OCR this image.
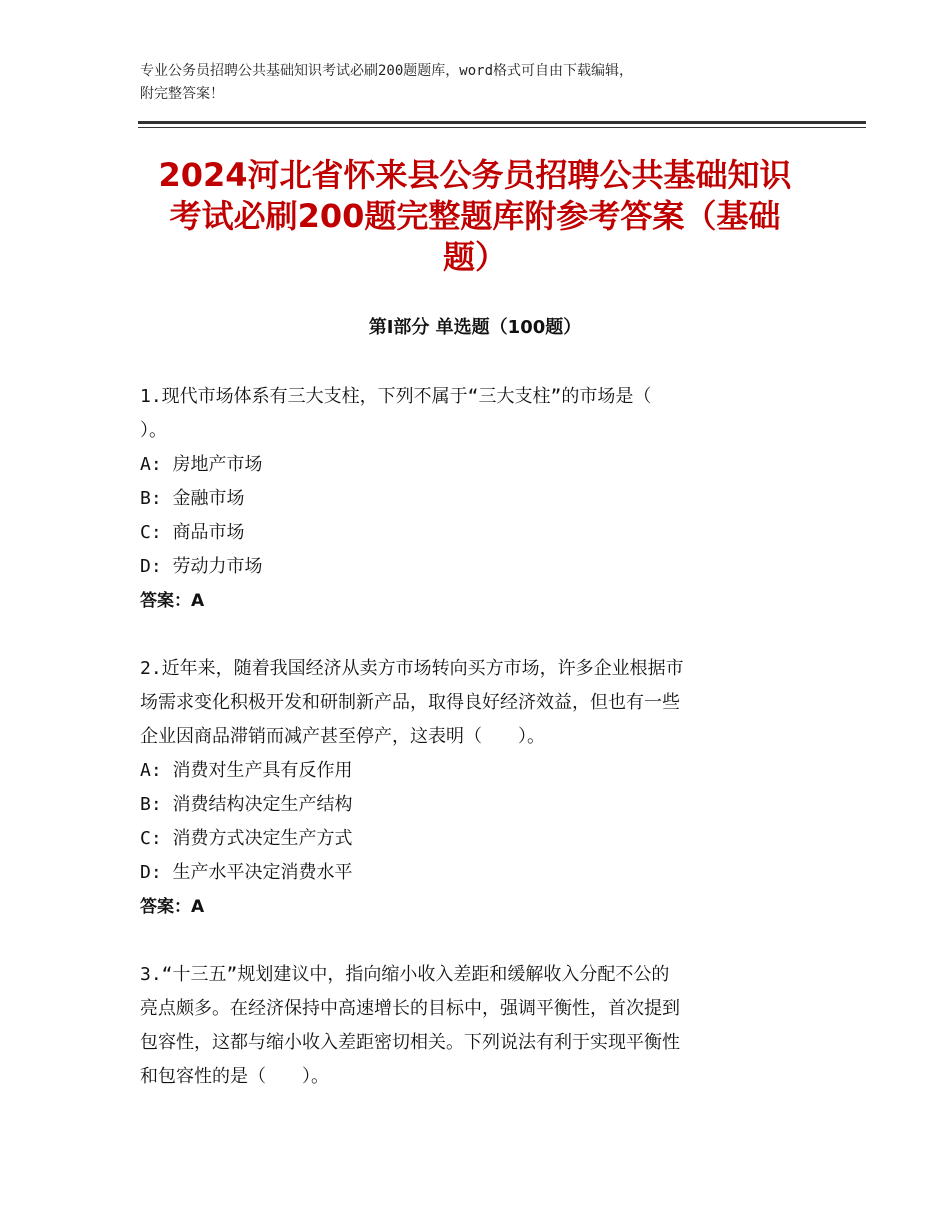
专业公务员招聘公共基础知识考试必刷200题题库，word格式可自由下载编辑，
附完整答案！
2024河北省怀来县公务员招聘公共基础知识
考试必刷200题完整题库附参考答案（基础
题）
第Ⅰ部分 单选题（100题）
1.现代市场体系有三大支柱，下列不属于“三大支柱”的市场是（
）。
A: 房地产市场
B: 金融市场
C: 商品市场
D: 劳动力市场
答案：A
2.近年来，随着我国经济从卖方市场转向买方市场，许多企业根据市
场需求变化积极开发和研制新产品，取得良好经济效益，但也有一些
企业因商品滞销而减产甚至停产，这表明（　　）。
A: 消费对生产具有反作用
B: 消费结构决定生产结构
C: 消费方式决定生产方式
D: 生产水平决定消费水平
答案：A
3.“十三五”规划建议中，指向缩小收入差距和缓解收入分配不公的
亮点颇多。在经济保持中高速增长的目标中，强调平衡性，首次提到
包容性，这都与缩小收入差距密切相关。下列说法有利于实现平衡性
和包容性的是（　　）。
